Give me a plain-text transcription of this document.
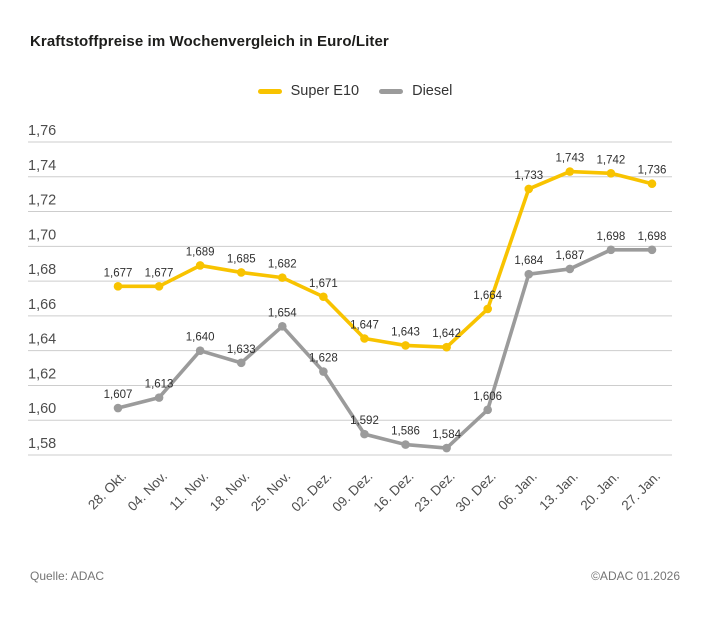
Kraftstoffpreise im Wochenvergleich in Euro/Liter
Super E10	Diesel
1,76
1,74
1,72
1,70
1,68
1,66
1,64
1,62
1,60
1,58
28. Okt.
04. Nov.
11. Nov.
18. Nov.
25. Nov.
02. Dez.
09. Dez.
16. Dez.
23. Dez.
30. Dez.
06. Jan.
13. Jan.
20. Jan.
27. Jan.
1,677 1,677
1,689
1,685 1,682
1,671
1,647
1,643 1,642
1,664
1,733
1,743 1,742
1,736
1,607
1,613
1,640
1,633
1,654
1,628
1,592
1,586 1,584
1,606
1,684 1,687
1,698 1,698
Quelle: ADAC	©ADAC 01.2026
